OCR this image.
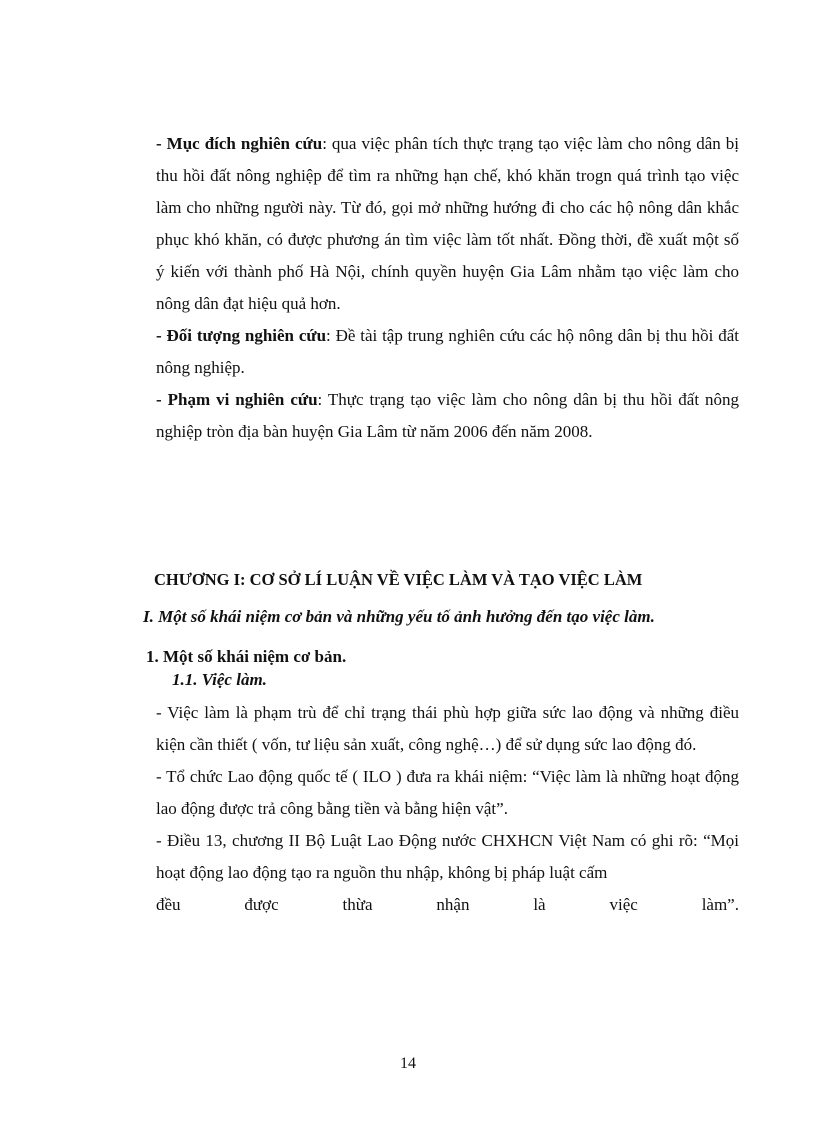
- Mục đích nghiên cứu: qua việc phân tích thực trạng tạo việc làm cho nông dân bị thu hồi đất nông nghiệp để tìm ra những hạn chế, khó khăn trogn quá trình tạo việc làm cho những người này. Từ đó, gọi mở những hướng đi cho các hộ nông dân khắc phục khó khăn, có được phương án tìm việc làm tốt nhất. Đồng thời, đề xuất một số ý kiến với thành phố Hà Nội, chính quyền huyện Gia Lâm nhằm tạo việc làm cho nông dân đạt hiệu quả hơn.

- Đối tượng nghiên cứu: Đề tài tập trung nghiên cứu các hộ nông dân bị thu hồi đất nông nghiệp.

- Phạm vi nghiên cứu: Thực trạng tạo việc làm cho nông dân bị thu hồi đất nông nghiệp tròn địa bàn huyện Gia Lâm từ năm 2006 đến năm 2008.

CHƯƠNG I: CƠ SỞ LÍ LUẬN VỀ VIỆC LÀM VÀ TẠO VIỆC LÀM
I. Một số khái niệm cơ bản và những yếu tố ảnh hưởng đến tạo việc làm.
1. Một số khái niệm cơ bản.
1.1. Việc làm.

- Việc làm là phạm trù để chỉ trạng thái phù hợp giữa sức lao động và những điều kiện cần thiết ( vốn, tư liệu sản xuất, công nghệ…) để sử dụng sức lao động đó.

- Tổ chức Lao động quốc tế ( ILO ) đưa ra khái niệm: “Việc làm là những hoạt động lao động được trả công bằng tiền và bằng hiện vật”.

- Điều 13, chương II Bộ Luật Lao Động nước CHXHCN Việt Nam có ghi rõ: “Mọi hoạt động lao động tạo ra nguồn thu nhập, không bị pháp luật cấm

đều	được	thừa	nhận	là	việc	làm”.
14
